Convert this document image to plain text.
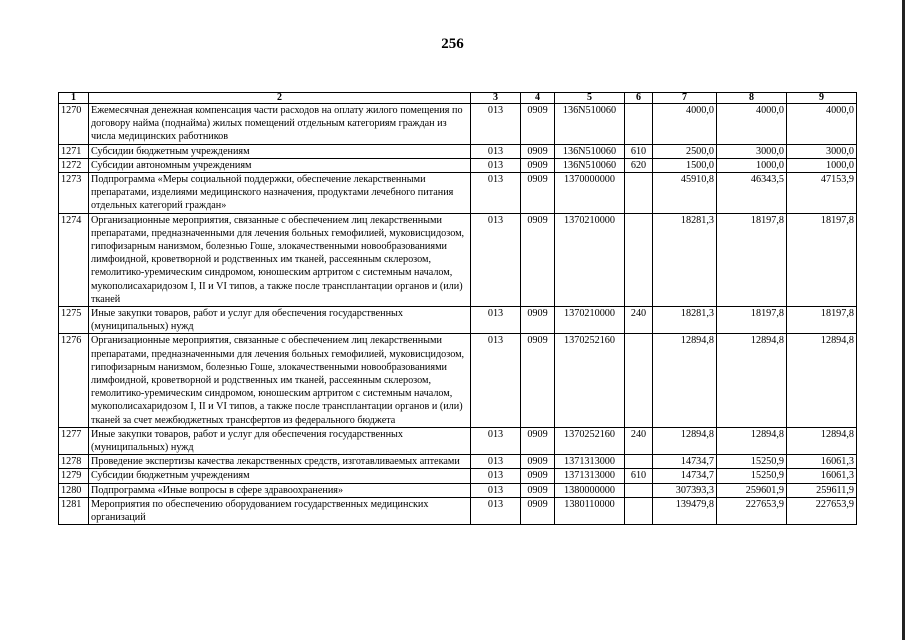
256
1	2	3	4	5	6	7	8	9
1270	Ежемесячная денежная компенсация части расходов на оплату жилого помещения по договору найма (поднайма) жилых помещений отдельным категориям граждан из числа медицинских работников	013	0909	136N510060		4000,0	4000,0	4000,0
1271	Субсидии бюджетным учреждениям	013	0909	136N510060	610	2500,0	3000,0	3000,0
1272	Субсидии автономным учреждениям	013	0909	136N510060	620	1500,0	1000,0	1000,0
1273	Подпрограмма «Меры социальной поддержки, обеспечение лекарственными препаратами, изделиями медицинского назначения, продуктами лечебного питания отдельных категорий граждан»	013	0909	1370000000		45910,8	46343,5	47153,9
1274	Организационные мероприятия, связанные с обеспечением лиц лекарственными препаратами, предназначенными для лечения больных гемофилией, муковисцидозом, гипофизарным нанизмом, болезнью Гоше, злокачественными новообразованиями лимфоидной, кроветворной и родственных им тканей, рассеянным склерозом, гемолитико-уремическим синдромом, юношеским артритом с системным началом, мукополисахаридозом I, II и VI типов, а также после трансплантации органов и (или) тканей	013	0909	1370210000		18281,3	18197,8	18197,8
1275	Иные закупки товаров, работ и услуг для обеспечения государственных (муниципальных) нужд	013	0909	1370210000	240	18281,3	18197,8	18197,8
1276	Организационные мероприятия, связанные с обеспечением лиц лекарственными препаратами, предназначенными для лечения больных гемофилией, муковисцидозом, гипофизарным нанизмом, болезнью Гоше, злокачественными новообразованиями лимфоидной, кроветворной и родственных им тканей, рассеянным склерозом, гемолитико-уремическим синдромом, юношеским артритом с системным началом, мукополисахаридозом I, II и VI типов, а также после трансплантации органов и (или) тканей за счет межбюджетных трансфертов из федерального бюджета	013	0909	1370252160		12894,8	12894,8	12894,8
1277	Иные закупки товаров, работ и услуг для обеспечения государственных (муниципальных) нужд	013	0909	1370252160	240	12894,8	12894,8	12894,8
1278	Проведение экспертизы качества лекарственных средств, изготавливаемых аптеками	013	0909	1371313000		14734,7	15250,9	16061,3
1279	Субсидии бюджетным учреждениям	013	0909	1371313000	610	14734,7	15250,9	16061,3
1280	Подпрограмма «Иные вопросы в сфере здравоохранения»	013	0909	1380000000		307393,3	259601,9	259611,9
1281	Мероприятия по обеспечению оборудованием государственных медицинских организаций	013	0909	1380110000		139479,8	227653,9	227653,9
